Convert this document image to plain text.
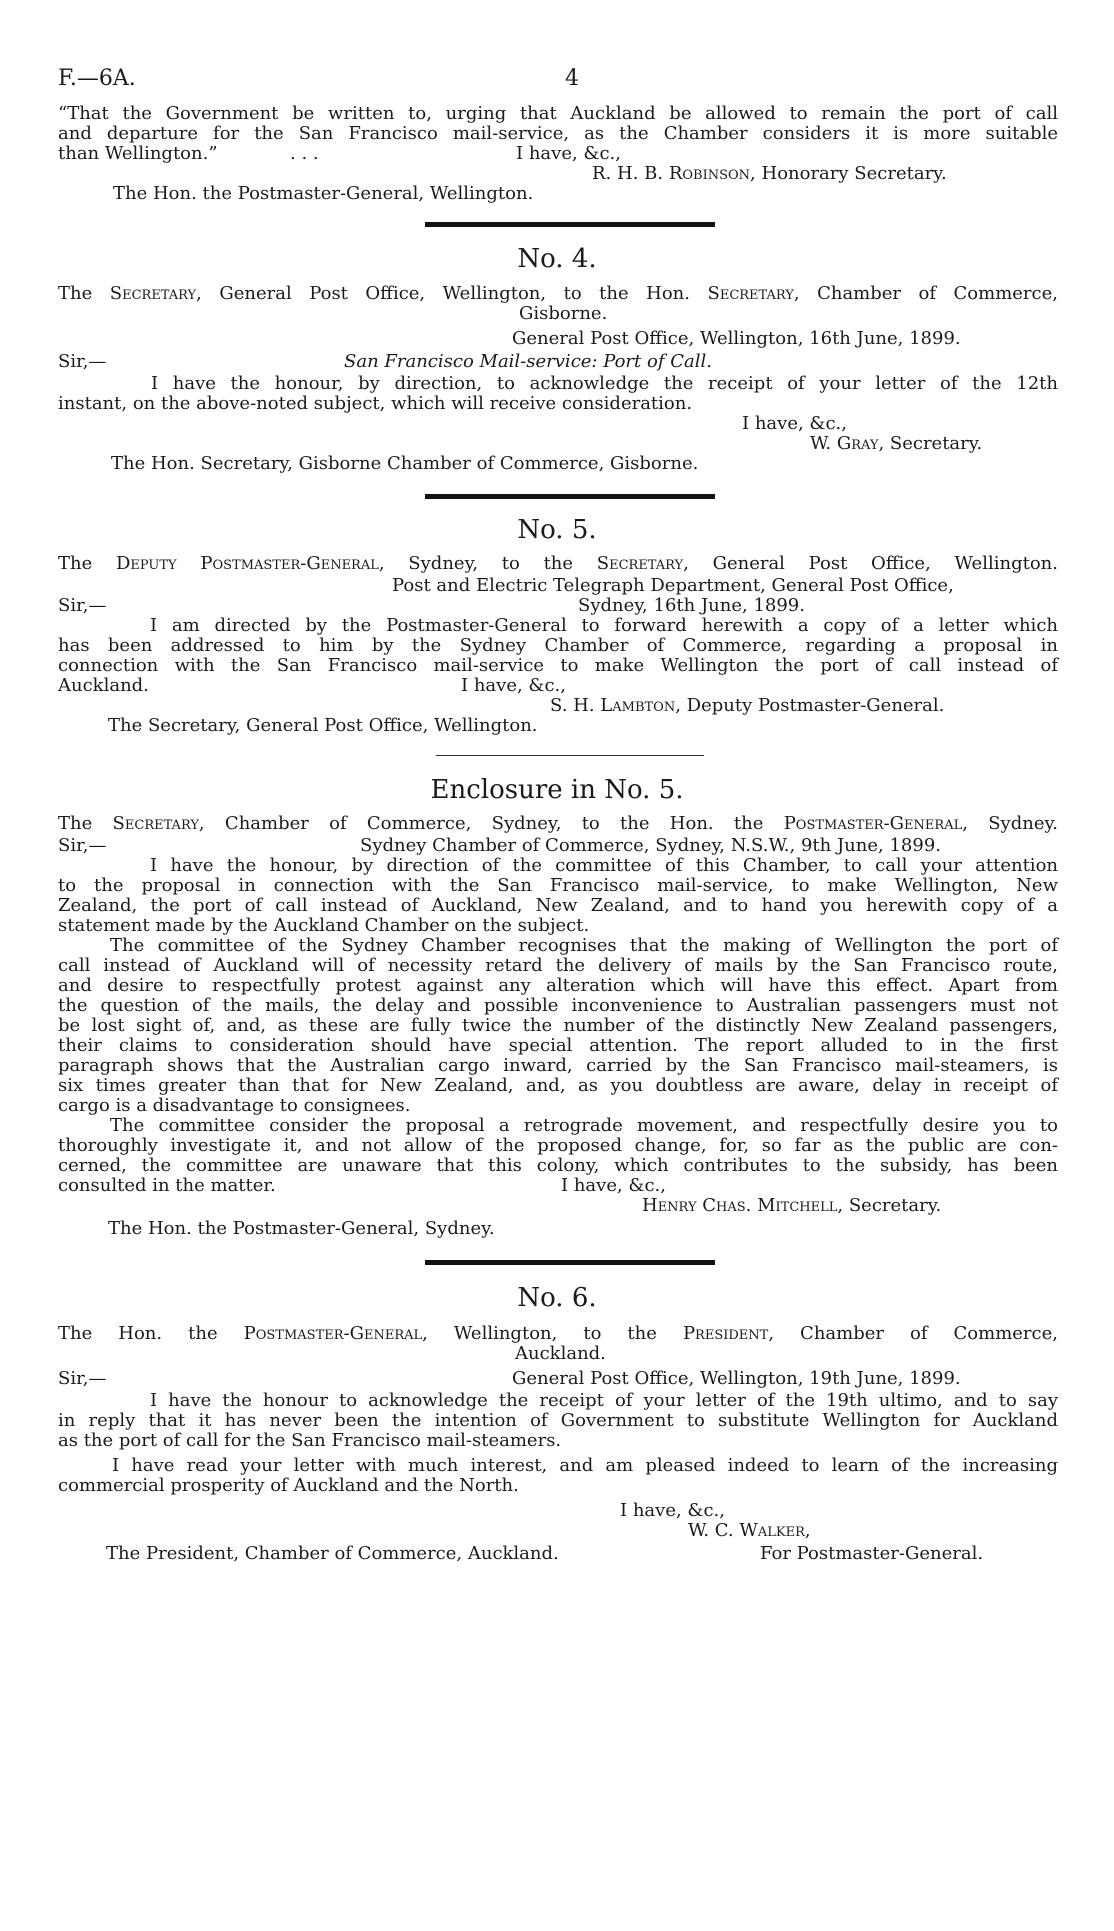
F.—6A.	4
“That the Government be written to, urging that Auckland be allowed to remain the port of call
and departure for the San Francisco mail-service, as the Chamber considers it is more suitable
than Wellington.”	. . .	I have, &c.,
R. H. B. Robinson, Honorary Secretary.
The Hon. the Postmaster-General, Wellington.
No. 4.
The Secretary, General Post Office, Wellington, to the Hon. Secretary, Chamber of Commerce,
Gisborne.
General Post Office, Wellington, 16th June, 1899.
Sir,—	San Francisco Mail-service: Port of Call.
I have the honour, by direction, to acknowledge the receipt of your letter of the 12th
instant, on the above-noted subject, which will receive consideration.
I have, &c.,
W. Gray, Secretary.
The Hon. Secretary, Gisborne Chamber of Commerce, Gisborne.
No. 5.
The Deputy Postmaster-General, Sydney, to the Secretary, General Post Office, Wellington.
Post and Electric Telegraph Department, General Post Office,
Sir,—	Sydney, 16th June, 1899.
I am directed by the Postmaster-General to forward herewith a copy of a letter which
has been addressed to him by the Sydney Chamber of Commerce, regarding a proposal in
connection with the San Francisco mail-service to make Wellington the port of call instead of
Auckland.	I have, &c.,
S. H. Lambton, Deputy Postmaster-General.
The Secretary, General Post Office, Wellington.
Enclosure in No. 5.
The Secretary, Chamber of Commerce, Sydney, to the Hon. the Postmaster-General, Sydney.
Sir,—	Sydney Chamber of Commerce, Sydney, N.S.W., 9th June, 1899.
I have the honour, by direction of the committee of this Chamber, to call your attention
to the proposal in connection with the San Francisco mail-service, to make Wellington, New
Zealand, the port of call instead of Auckland, New Zealand, and to hand you herewith copy of a
statement made by the Auckland Chamber on the subject.
The committee of the Sydney Chamber recognises that the making of Wellington the port of
call instead of Auckland will of necessity retard the delivery of mails by the San Francisco route,
and desire to respectfully protest against any alteration which will have this effect. Apart from
the question of the mails, the delay and possible inconvenience to Australian passengers must not
be lost sight of, and, as these are fully twice the number of the distinctly New Zealand passengers,
their claims to consideration should have special attention. The report alluded to in the first
paragraph shows that the Australian cargo inward, carried by the San Francisco mail-steamers, is
six times greater than that for New Zealand, and, as you doubtless are aware, delay in receipt of
cargo is a disadvantage to consignees.
The committee consider the proposal a retrograde movement, and respectfully desire you to
thoroughly investigate it, and not allow of the proposed change, for, so far as the public are con-
cerned, the committee are unaware that this colony, which contributes to the subsidy, has been
consulted in the matter.	I have, &c.,
Henry Chas. Mitchell, Secretary.
The Hon. the Postmaster-General, Sydney.
No. 6.
The Hon. the Postmaster-General, Wellington, to the President, Chamber of Commerce,
Auckland.
Sir,—	General Post Office, Wellington, 19th June, 1899.
I have the honour to acknowledge the receipt of your letter of the 19th ultimo, and to say
in reply that it has never been the intention of Government to substitute Wellington for Auckland
as the port of call for the San Francisco mail-steamers.
I have read your letter with much interest, and am pleased indeed to learn of the increasing
commercial prosperity of Auckland and the North.
I have, &c.,
W. C. Walker,
The President, Chamber of Commerce, Auckland.	For Postmaster-General.
